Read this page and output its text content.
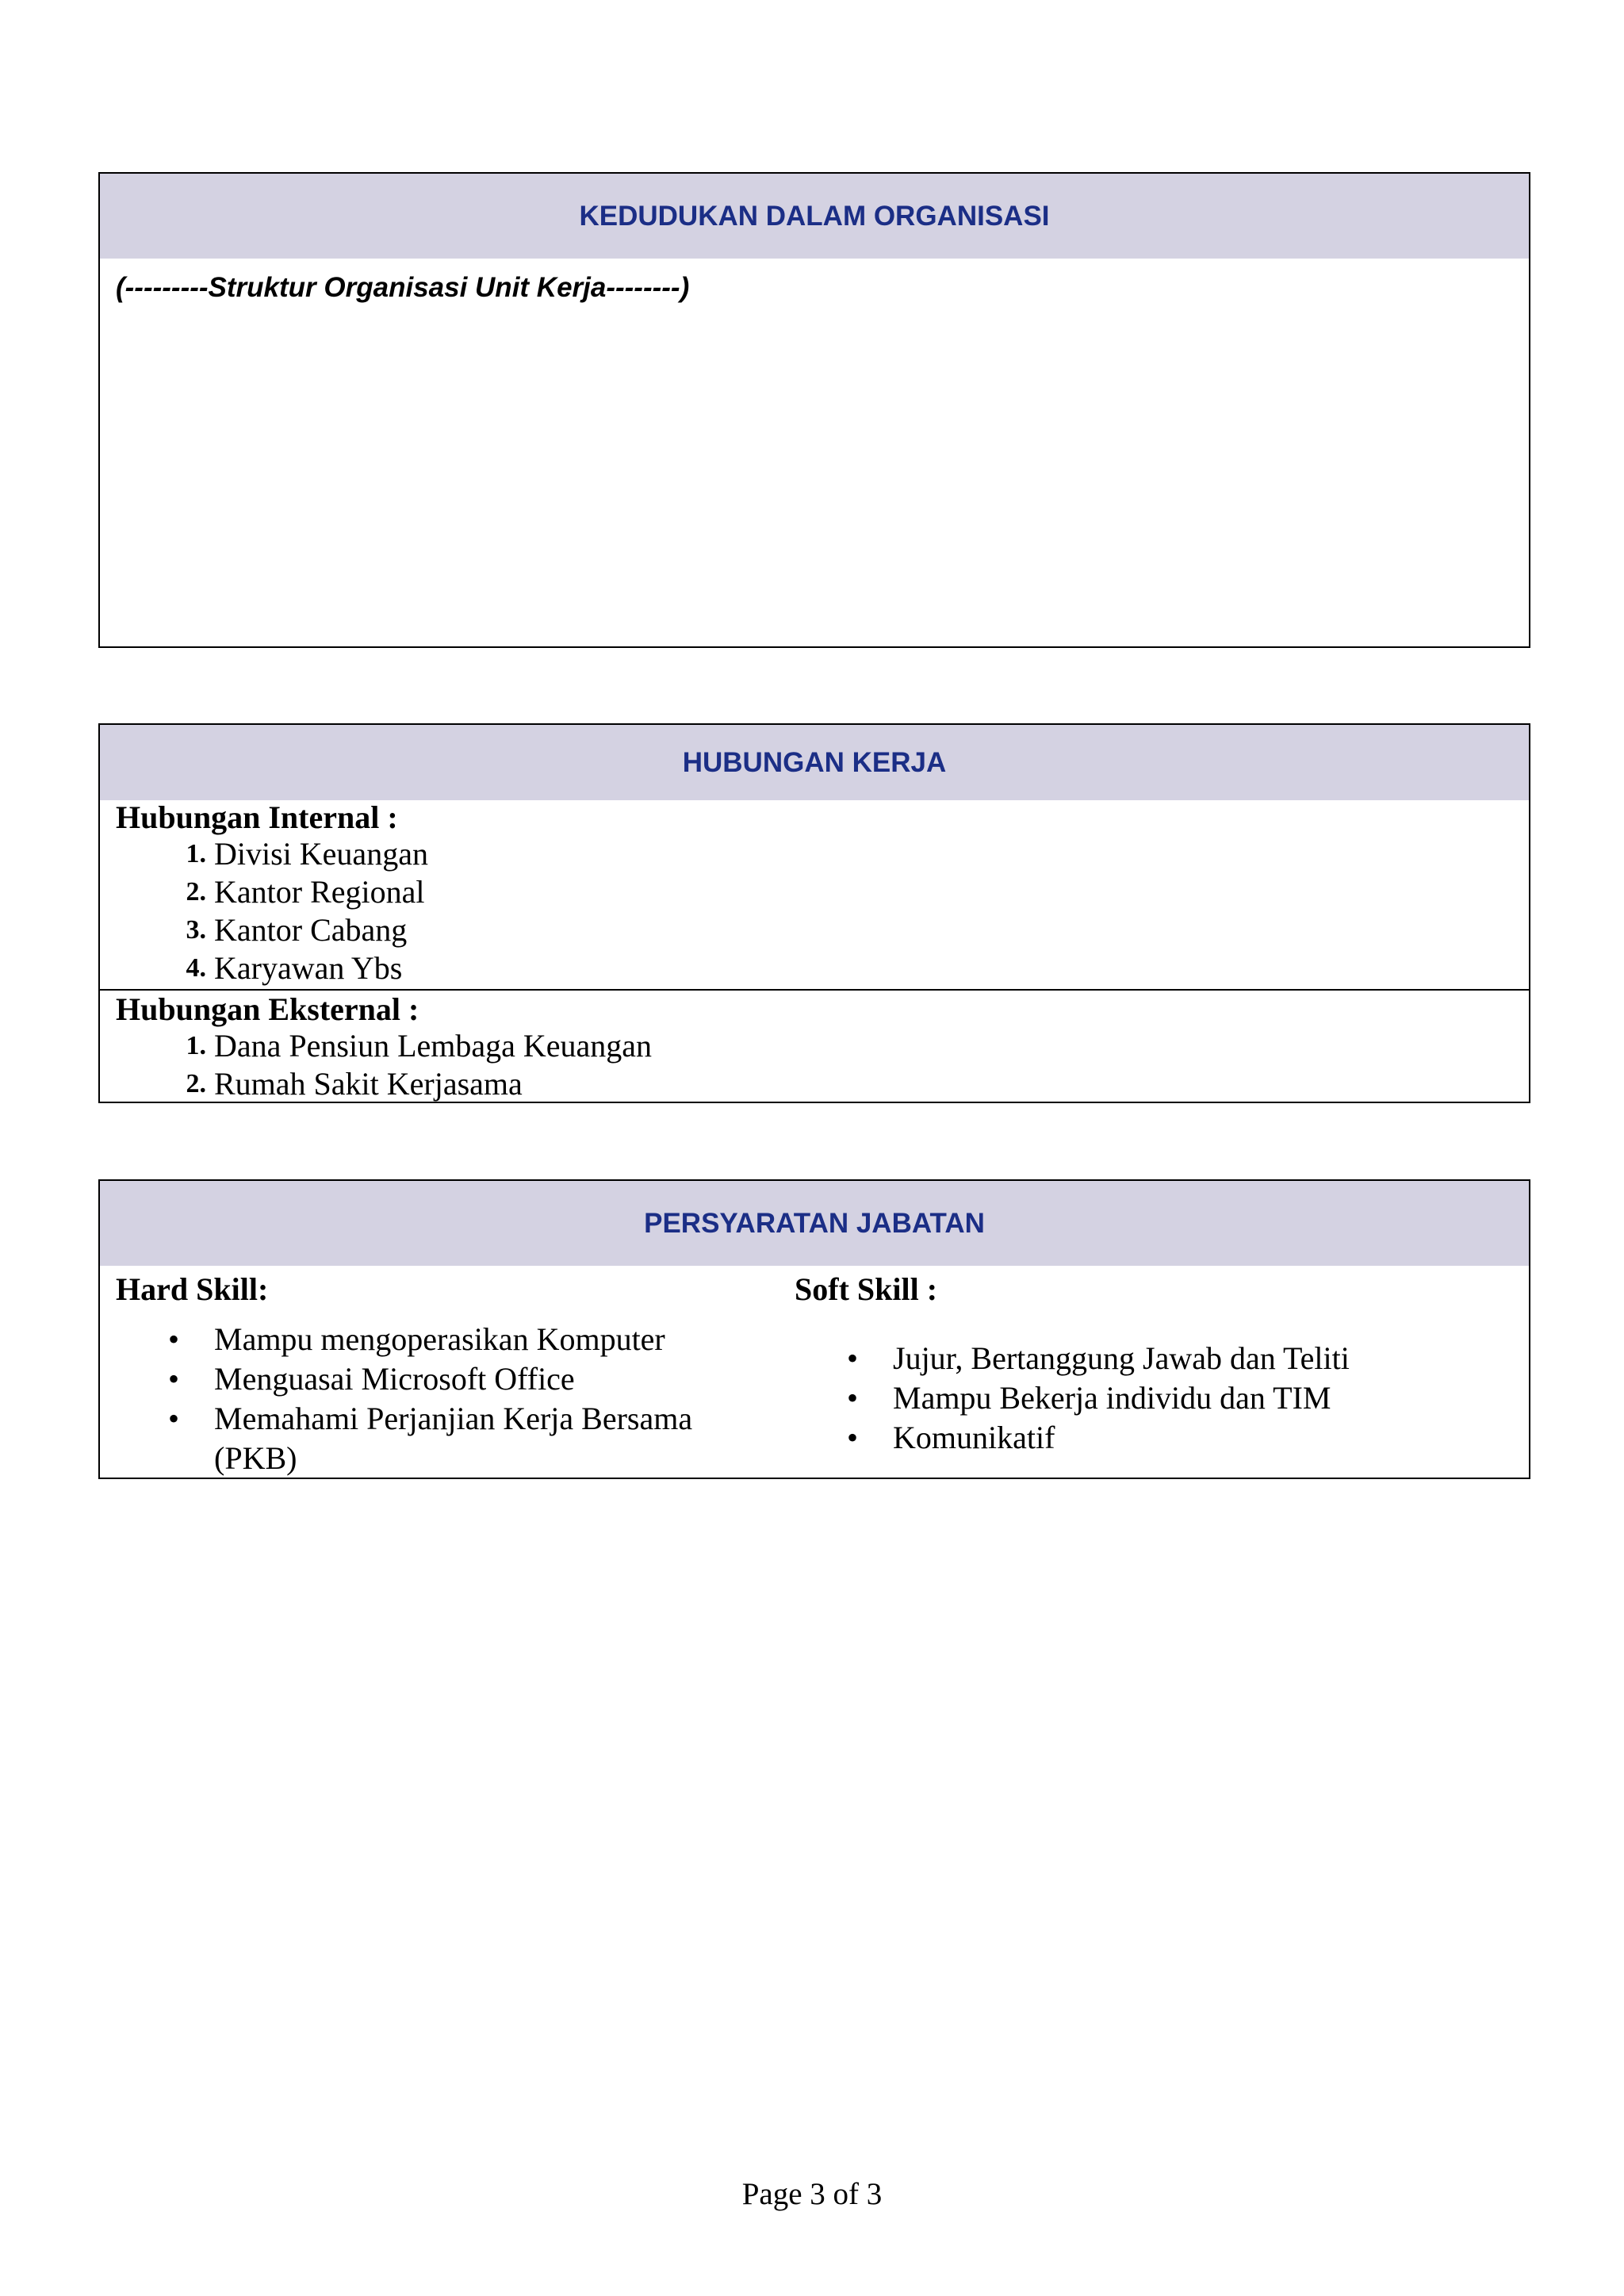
KEDUDUKAN DALAM ORGANISASI
(---------Struktur Organisasi Unit Kerja--------)
HUBUNGAN KERJA

Hubungan Internal :

1. Divisi Keuangan
2. Kantor Regional
3. Kantor Cabang
4. Karyawan Ybs

Hubungan Eksternal :

1. Dana Pensiun Lembaga Keuangan
2. Rumah Sakit Kerjasama
PERSYARATAN JABATAN
Hard Skill:
• Mampu mengoperasikan Komputer
• Menguasai Microsoft Office
• Memahami Perjanjian Kerja Bersama (PKB)
Soft Skill :
• Jujur, Bertanggung Jawab dan Teliti
• Mampu Bekerja individu dan TIM
• Komunikatif
Page 3 of 3
